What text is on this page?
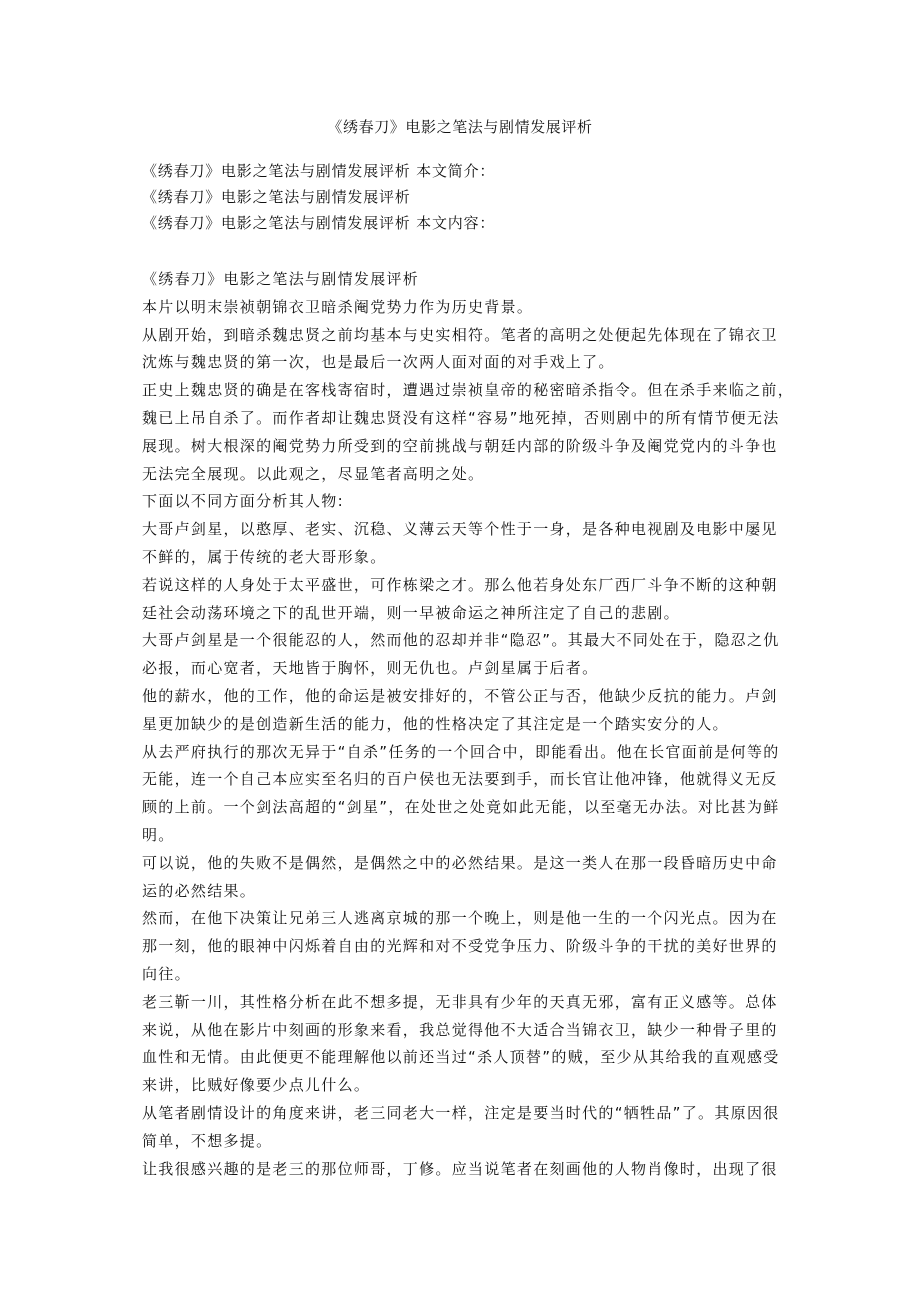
《绣春刀》电影之笔法与剧情发展评析
《绣春刀》电影之笔法与剧情发展评析 本文简介：
《绣春刀》电影之笔法与剧情发展评析
《绣春刀》电影之笔法与剧情发展评析 本文内容：
《绣春刀》电影之笔法与剧情发展评析
本片以明末崇祯朝锦衣卫暗杀阉党势力作为历史背景。
从剧开始，到暗杀魏忠贤之前均基本与史实相符。笔者的高明之处便起先体现在了锦衣卫
沈炼与魏忠贤的第一次，也是最后一次两人面对面的对手戏上了。
正史上魏忠贤的确是在客栈寄宿时，遭遇过崇祯皇帝的秘密暗杀指令。但在杀手来临之前，
魏已上吊自杀了。而作者却让魏忠贤没有这样“容易”地死掉，否则剧中的所有情节便无法
展现。树大根深的阉党势力所受到的空前挑战与朝廷内部的阶级斗争及阉党党内的斗争也
无法完全展现。以此观之，尽显笔者高明之处。
下面以不同方面分析其人物:
大哥卢剑星，以憨厚、老实、沉稳、义薄云天等个性于一身，是各种电视剧及电影中屡见
不鲜的，属于传统的老大哥形象。
若说这样的人身处于太平盛世，可作栋梁之才。那么他若身处东厂西厂斗争不断的这种朝
廷社会动荡环境之下的乱世开端，则一早被命运之神所注定了自己的悲剧。
大哥卢剑星是一个很能忍的人，然而他的忍却并非“隐忍”。其最大不同处在于，隐忍之仇
必报，而心宽者，天地皆于胸怀，则无仇也。卢剑星属于后者。
他的薪水，他的工作，他的命运是被安排好的，不管公正与否，他缺少反抗的能力。卢剑
星更加缺少的是创造新生活的能力，他的性格决定了其注定是一个踏实安分的人。
从去严府执行的那次无异于“自杀”任务的一个回合中，即能看出。他在长官面前是何等的
无能，连一个自己本应实至名归的百户侯也无法要到手，而长官让他冲锋，他就得义无反
顾的上前。一个剑法高超的“剑星”，在处世之处竟如此无能，以至毫无办法。对比甚为鲜
明。
可以说，他的失败不是偶然，是偶然之中的必然结果。是这一类人在那一段昏暗历史中命
运的必然结果。
然而，在他下决策让兄弟三人逃离京城的那一个晚上，则是他一生的一个闪光点。因为在
那一刻，他的眼神中闪烁着自由的光辉和对不受党争压力、阶级斗争的干扰的美好世界的
向往。
老三靳一川，其性格分析在此不想多提，无非具有少年的天真无邪，富有正义感等。总体
来说，从他在影片中刻画的形象来看，我总觉得他不大适合当锦衣卫，缺少一种骨子里的
血性和无情。由此便更不能理解他以前还当过“杀人顶替”的贼，至少从其给我的直观感受
来讲，比贼好像要少点儿什么。
从笔者剧情设计的角度来讲，老三同老大一样，注定是要当时代的“牺牲品”了。其原因很
简单，不想多提。
让我很感兴趣的是老三的那位师哥，丁修。应当说笔者在刻画他的人物肖像时，出现了很
